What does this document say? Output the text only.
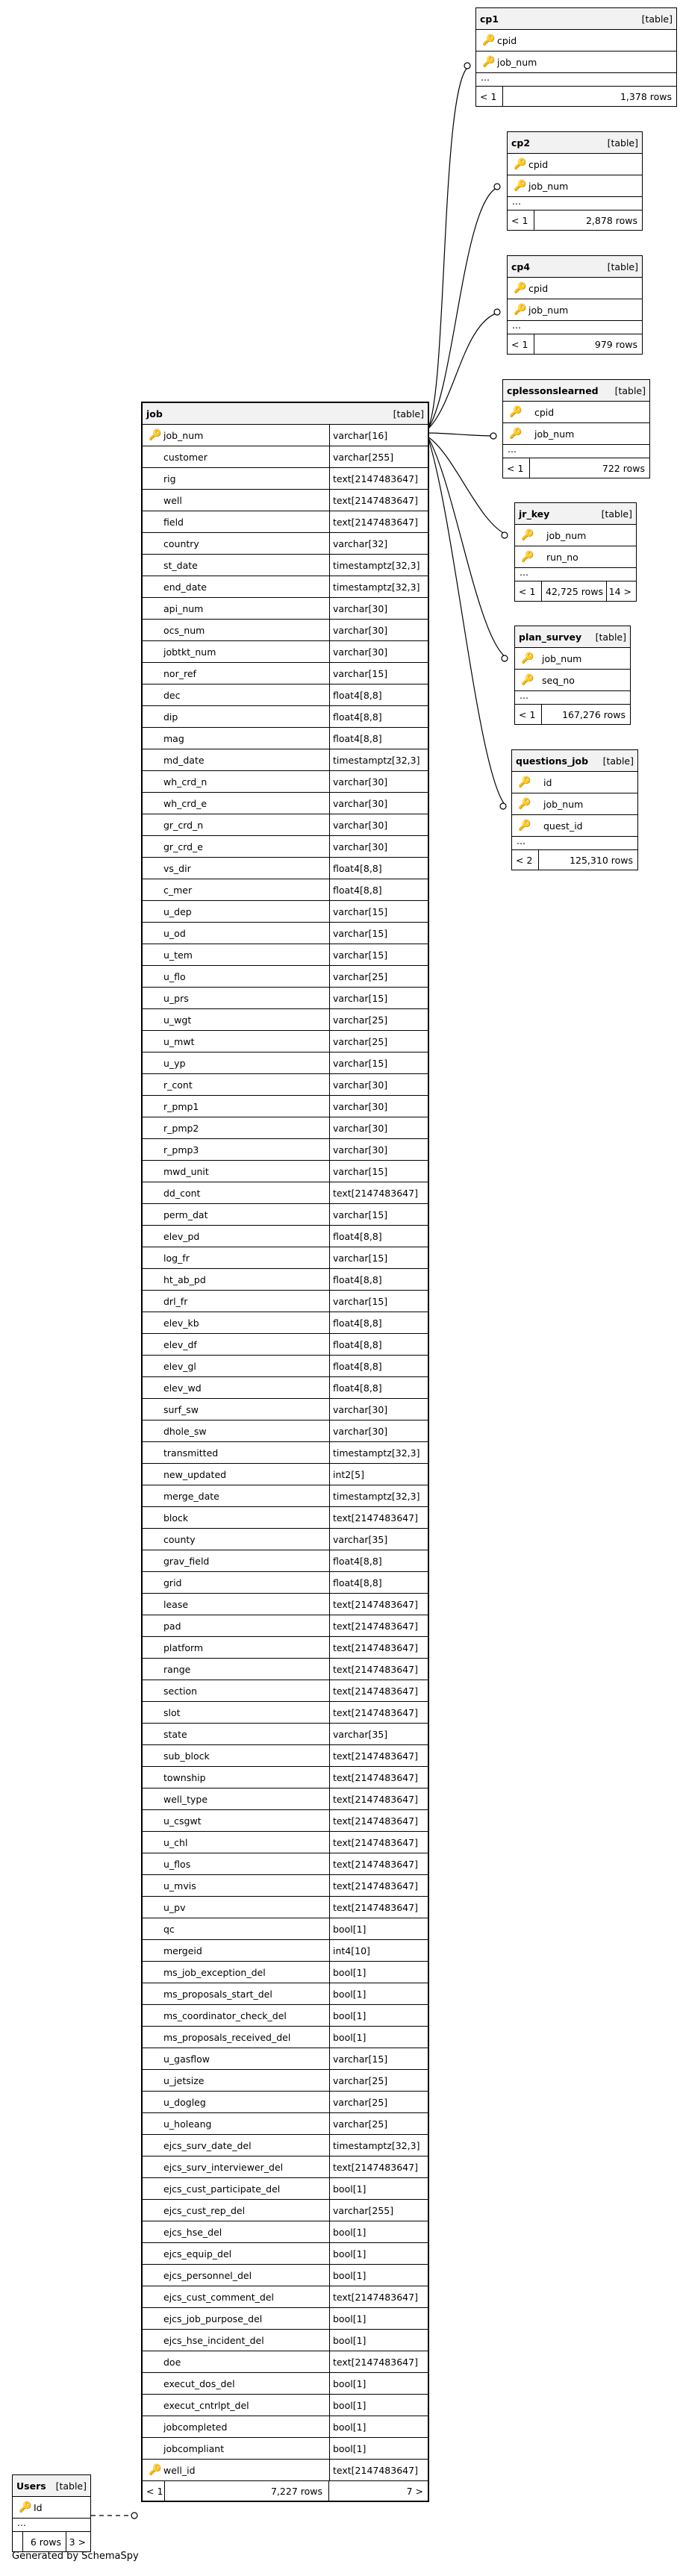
cp1	[table]
🔑 cpid
🔑 job_num
...
< 1	1,378 rows
cp2	[table]
🔑 cpid
🔑 job_num
...
< 1	2,878 rows
cp4	[table]
🔑 cpid
🔑 job_num
...
< 1	979 rows
cplessonslearned [table]
🔑	cpid
🔑	job_num
...
< 1	722 rows
jr_key	[table]
🔑	job_num
🔑	run_no
...
< 1	42,725 rows 14 >
plan_survey [table]
🔑 job_num
🔑 seq_no
...
< 1	167,276 rows
questions_job [table]
🔑	id
🔑	job_num
🔑	quest_id
...
< 2	125,310 rows
Users [table]
🔑 Id
...
6 rows 3 >
job	[table]
🔑 job_num	varchar[16]
customer	varchar[255]
rig	text[2147483647]
well	text[2147483647]
field	text[2147483647]
country	varchar[32]
st_date	timestamptz[32,3]
end_date	timestamptz[32,3]
api_num	varchar[30]
ocs_num	varchar[30]
jobtkt_num	varchar[30]
nor_ref	varchar[15]
dec	float4[8,8]
dip	float4[8,8]
mag	float4[8,8]
md_date	timestamptz[32,3]
wh_crd_n	varchar[30]
wh_crd_e	varchar[30]
gr_crd_n	varchar[30]
gr_crd_e	varchar[30]
vs_dir	float4[8,8]
c_mer	float4[8,8]
u_dep	varchar[15]
u_od	varchar[15]
u_tem	varchar[15]
u_flo	varchar[25]
u_prs	varchar[15]
u_wgt	varchar[25]
u_mwt	varchar[25]
u_yp	varchar[15]
r_cont	varchar[30]
r_pmp1	varchar[30]
r_pmp2	varchar[30]
r_pmp3	varchar[30]
mwd_unit	varchar[15]
dd_cont	text[2147483647]
perm_dat	varchar[15]
elev_pd	float4[8,8]
log_fr	varchar[15]
ht_ab_pd	float4[8,8]
drl_fr	varchar[15]
elev_kb	float4[8,8]
elev_df	float4[8,8]
elev_gl	float4[8,8]
elev_wd	float4[8,8]
surf_sw	varchar[30]
dhole_sw	varchar[30]
transmitted	timestamptz[32,3]
new_updated	int2[5]
merge_date	timestamptz[32,3]
block	text[2147483647]
county	varchar[35]
grav_field	float4[8,8]
grid	float4[8,8]
lease	text[2147483647]
pad	text[2147483647]
platform	text[2147483647]
range	text[2147483647]
section	text[2147483647]
slot	text[2147483647]
state	varchar[35]
sub_block	text[2147483647]
township	text[2147483647]
well_type	text[2147483647]
u_csgwt	text[2147483647]
u_chl	text[2147483647]
u_flos	text[2147483647]
u_mvis	text[2147483647]
u_pv	text[2147483647]
qc	bool[1]
mergeid	int4[10]
ms_job_exception_del	bool[1]
ms_proposals_start_del	bool[1]
ms_coordinator_check_del	bool[1]
ms_proposals_received_del	bool[1]
u_gasflow	varchar[15]
u_jetsize	varchar[25]
u_dogleg	varchar[25]
u_holeang	varchar[25]
ejcs_surv_date_del	timestamptz[32,3]
ejcs_surv_interviewer_del	text[2147483647]
ejcs_cust_participate_del	bool[1]
ejcs_cust_rep_del	varchar[255]
ejcs_hse_del	bool[1]
ejcs_equip_del	bool[1]
ejcs_personnel_del	bool[1]
ejcs_cust_comment_del	text[2147483647]
ejcs_job_purpose_del	bool[1]
ejcs_hse_incident_del	bool[1]
doe	text[2147483647]
execut_dos_del	bool[1]
execut_cntrlpt_del	bool[1]
jobcompleted	bool[1]
jobcompliant	bool[1]
🔑 well_id	text[2147483647]
< 1	7,227 rows	7 >
Generated by SchemaSpy
